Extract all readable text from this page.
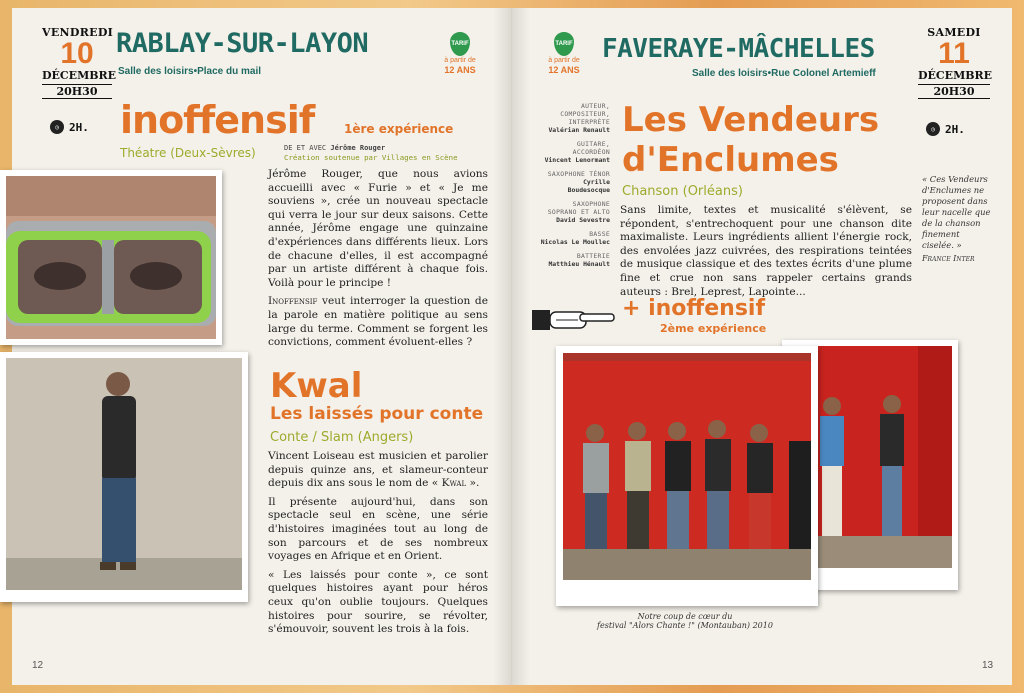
VENDREDI
10
DÉCEMBRE
20H30
◷ 2H.
RABLAY-SUR-LAYON
Salle des loisirs•Place du mail
TARIF
à partir de
12 ANS
inoffensif 1ère expérience
Théatre (Deux-Sèvres)	DE ET AVEC Jérôme Rouger
Création soutenue par Villages en Scène

Jérôme Rouger, que nous avions accueilli avec « Furie » et « Je me souviens », crée un nouveau spectacle qui verra le jour sur deux saisons. Cette année, Jérôme engage une quinzaine d'expériences dans différents lieux. Lors de chacune d'elles, il est accompagné par un artiste différent à chaque fois. Voilà pour le principe !

Inoffensif veut interroger la question de la parole en matière politique au sens large du terme. Comment se forgent les convictions, comment évoluent-elles ?

Kwal
Les laissés pour conte
Conte / Slam (Angers)

Vincent Loiseau est musicien et parolier depuis quinze ans, et slameur-conteur depuis dix ans sous le nom de « Kwal ».

Il présente aujourd'hui, dans son spectacle seul en scène, une série d'histoires imaginées tout au long de son parcours et de ses nombreux voyages en Afrique et en Orient.

« Les laissés pour conte », ce sont quelques histoires ayant pour héros ceux qu'on oublie toujours. Quelques histoires pour sourire, se révolter, s'émouvoir, souvent les trois à la fois.

12
TARIF
à partir de
12 ANS
FAVERAYE-MÂCHELLES
Salle des loisirs•Rue Colonel Artemieff
SAMEDI
11
DÉCEMBRE
20H30
◷ 2H.
AUTEUR, COMPOSITEUR, INTERPRÈTE
Valérian Renault
GUITARE, ACCORDÉON
Vincent Lenormant
SAXOPHONE TÉNOR
Cyrille Boudesocque
SAXOPHONE SOPRANO ET ALTO
David Sevestre
BASSE
Nicolas Le Moullec
BATTERIE
Matthieu Hénault
Les Vendeurs
d'Enclumes
Chanson (Orléans)

Sans limite, textes et musicalité s'élèvent, se répondent, s'entrechoquent pour une chanson dite maximaliste. Leurs ingrédients allient l'énergie rock, des envolées jazz cuivrées, des respirations teintées de musique classique et des textes écrits d'une plume fine et crue non sans rappeler certains grands auteurs : Brel, Leprest, Lapointe...

+ inoffensif
2ème expérience
« Ces Vendeurs d'Enclumes ne proposent dans leur nacelle que de la chanson finement ciselée. »
France Inter
13
Notre coup de cœur du
festival "Alors Chante !" (Montauban) 2010
